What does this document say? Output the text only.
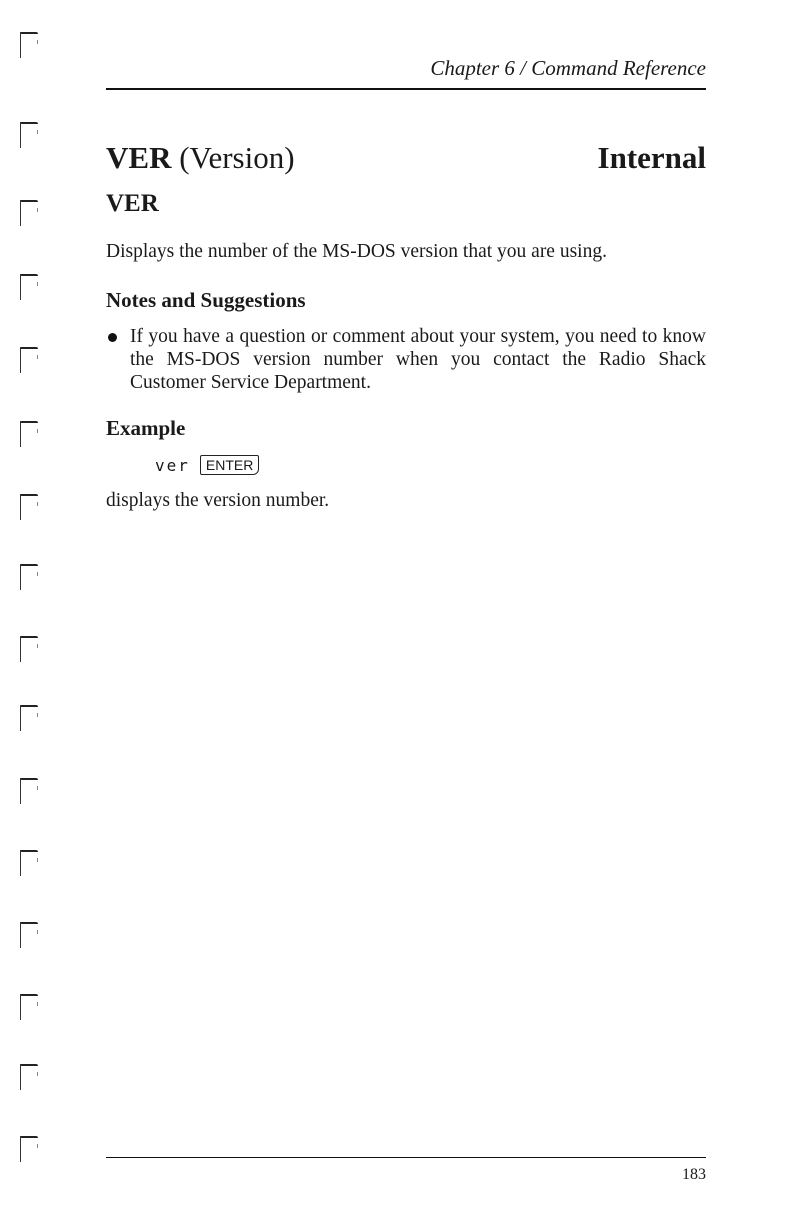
Chapter 6 / Command Reference
VER (Version)	Internal
VER
Displays the number of the MS-DOS version that you are using.
Notes and Suggestions
If you have a question or comment about your system, you need to know the MS-DOS version number when you contact the Radio Shack Customer Service Department.
Example
ver ENTER
displays the version number.
183
